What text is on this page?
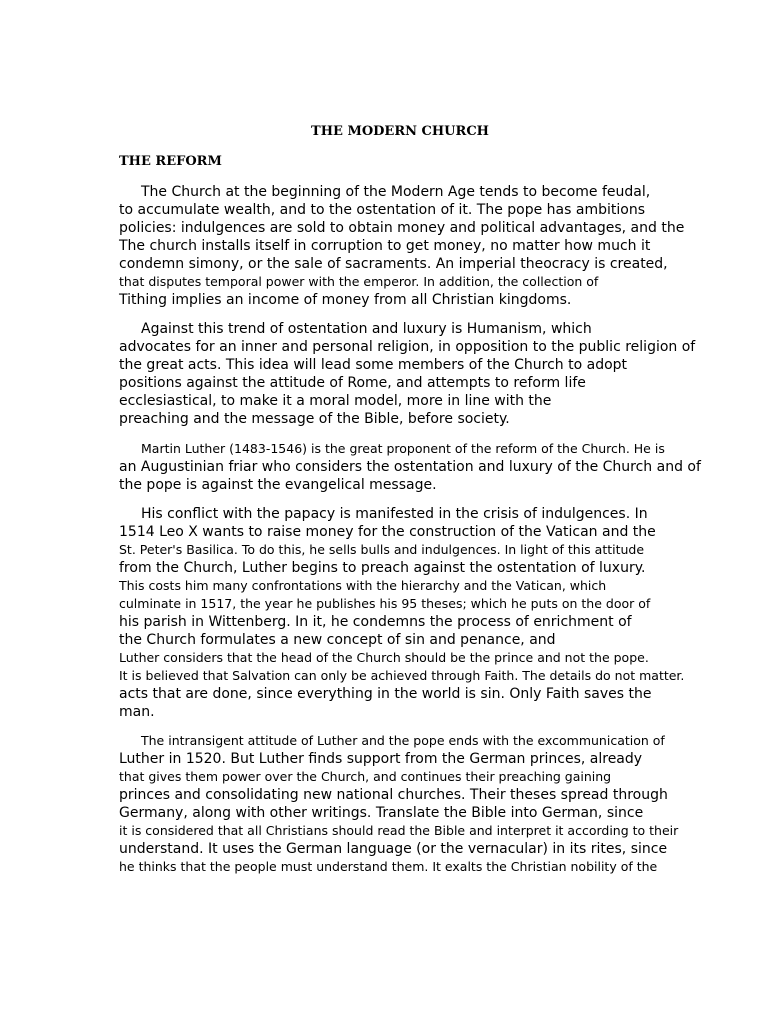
THE MODERN CHURCH
THE REFORM
The Church at the beginning of the Modern Age tends to become feudal,
to accumulate wealth, and to the ostentation of it. The pope has ambitions
policies: indulgences are sold to obtain money and political advantages, and the
The church installs itself in corruption to get money, no matter how much it
condemn simony, or the sale of sacraments. An imperial theocracy is created,
that disputes temporal power with the emperor. In addition, the collection of
Tithing implies an income of money from all Christian kingdoms.
Against this trend of ostentation and luxury is Humanism, which
advocates for an inner and personal religion, in opposition to the public religion of
the great acts. This idea will lead some members of the Church to adopt
positions against the attitude of Rome, and attempts to reform life
ecclesiastical, to make it a moral model, more in line with the
preaching and the message of the Bible, before society.
Martin Luther (1483-1546) is the great proponent of the reform of the Church. He is
an Augustinian friar who considers the ostentation and luxury of the Church and of
the pope is against the evangelical message.
His conflict with the papacy is manifested in the crisis of indulgences. In
1514 Leo X wants to raise money for the construction of the Vatican and the
St. Peter's Basilica. To do this, he sells bulls and indulgences. In light of this attitude
from the Church, Luther begins to preach against the ostentation of luxury.
This costs him many confrontations with the hierarchy and the Vatican, which
culminate in 1517, the year he publishes his 95 theses; which he puts on the door of
his parish in Wittenberg. In it, he condemns the process of enrichment of
the Church formulates a new concept of sin and penance, and
Luther considers that the head of the Church should be the prince and not the pope.
It is believed that Salvation can only be achieved through Faith. The details do not matter.
acts that are done, since everything in the world is sin. Only Faith saves the
man.
The intransigent attitude of Luther and the pope ends with the excommunication of
Luther in 1520. But Luther finds support from the German princes, already
that gives them power over the Church, and continues their preaching gaining
princes and consolidating new national churches. Their theses spread through
Germany, along with other writings. Translate the Bible into German, since
it is considered that all Christians should read the Bible and interpret it according to their
understand. It uses the German language (or the vernacular) in its rites, since
he thinks that the people must understand them. It exalts the Christian nobility of the
